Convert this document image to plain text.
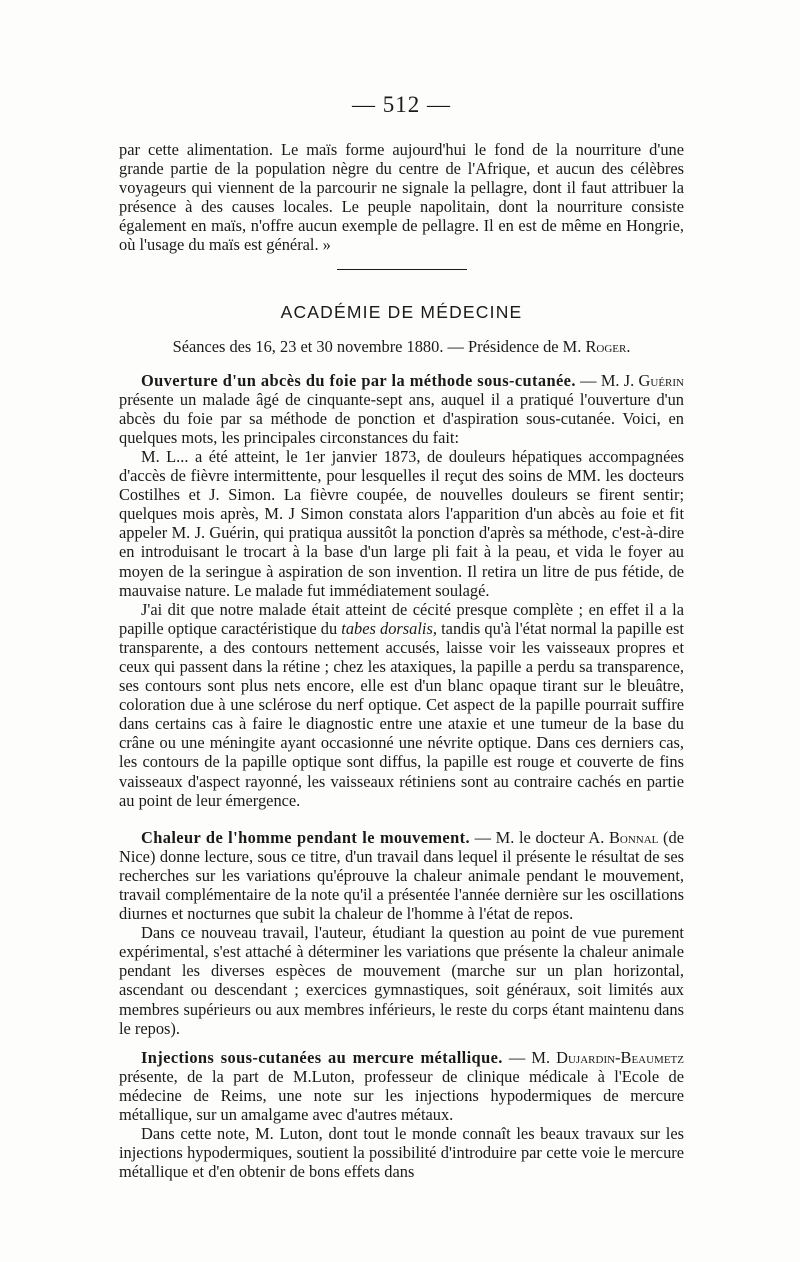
— 512 —

par cette alimentation. Le maïs forme aujourd'hui le fond de la nourriture d'une grande partie de la population nègre du centre de l'Afrique, et aucun des célèbres voyageurs qui viennent de la parcourir ne signale la pellagre, dont il faut attribuer la présence à des causes locales. Le peuple napolitain, dont la nourriture consiste également en maïs, n'offre aucun exemple de pellagre. Il en est de même en Hongrie, où l'usage du maïs est général. »

ACADÉMIE DE MÉDECINE
Séances des 16, 23 et 30 novembre 1880. — Présidence de M. Roger.

Ouverture d'un abcès du foie par la méthode sous-cutanée. — M. J. Guérin présente un malade âgé de cinquante-sept ans, auquel il a pratiqué l'ouverture d'un abcès du foie par sa méthode de ponction et d'aspiration sous-cutanée. Voici, en quelques mots, les principales circonstances du fait:

M. L... a été atteint, le 1er janvier 1873, de douleurs hépatiques accompagnées d'accès de fièvre intermittente, pour lesquelles il reçut des soins de MM. les docteurs Costilhes et J. Simon. La fièvre coupée, de nouvelles douleurs se firent sentir; quelques mois après, M. J Simon constata alors l'apparition d'un abcès au foie et fit appeler M. J. Guérin, qui pratiqua aussitôt la ponction d'après sa méthode, c'est-à-dire en introduisant le trocart à la base d'un large pli fait à la peau, et vida le foyer au moyen de la seringue à aspiration de son invention. Il retira un litre de pus fétide, de mauvaise nature. Le malade fut immédiatement soulagé.

J'ai dit que notre malade était atteint de cécité presque complète ; en effet il a la papille optique caractéristique du tabes dorsalis, tandis qu'à l'état normal la papille est transparente, a des contours nettement accusés, laisse voir les vaisseaux propres et ceux qui passent dans la rétine ; chez les ataxiques, la papille a perdu sa transparence, ses contours sont plus nets encore, elle est d'un blanc opaque tirant sur le bleuâtre, coloration due à une sclérose du nerf optique. Cet aspect de la papille pourrait suffire dans certains cas à faire le diagnostic entre une ataxie et une tumeur de la base du crâne ou une méningite ayant occasionné une névrite optique. Dans ces derniers cas, les contours de la papille optique sont diffus, la papille est rouge et couverte de fins vaisseaux d'aspect rayonné, les vaisseaux rétiniens sont au contraire cachés en partie au point de leur émergence.

Chaleur de l'homme pendant le mouvement. — M. le docteur A. Bonnal (de Nice) donne lecture, sous ce titre, d'un travail dans lequel il présente le résultat de ses recherches sur les variations qu'éprouve la chaleur animale pendant le mouvement, travail complémentaire de la note qu'il a présentée l'année dernière sur les oscillations diurnes et nocturnes que subit la chaleur de l'homme à l'état de repos.

Dans ce nouveau travail, l'auteur, étudiant la question au point de vue purement expérimental, s'est attaché à déterminer les variations que présente la chaleur animale pendant les diverses espèces de mouvement (marche sur un plan horizontal, ascendant ou descendant ; exercices gymnastiques, soit généraux, soit limités aux membres supérieurs ou aux membres inférieurs, le reste du corps étant maintenu dans le repos).

Injections sous-cutanées au mercure métallique. — M. Dujardin-Beaumetz présente, de la part de M.Luton, professeur de clinique médicale à l'Ecole de médecine de Reims, une note sur les injections hypodermiques de mercure métallique, sur un amalgame avec d'autres métaux.

Dans cette note, M. Luton, dont tout le monde connaît les beaux travaux sur les injections hypodermiques, soutient la possibilité d'introduire par cette voie le mercure métallique et d'en obtenir de bons effets dans
